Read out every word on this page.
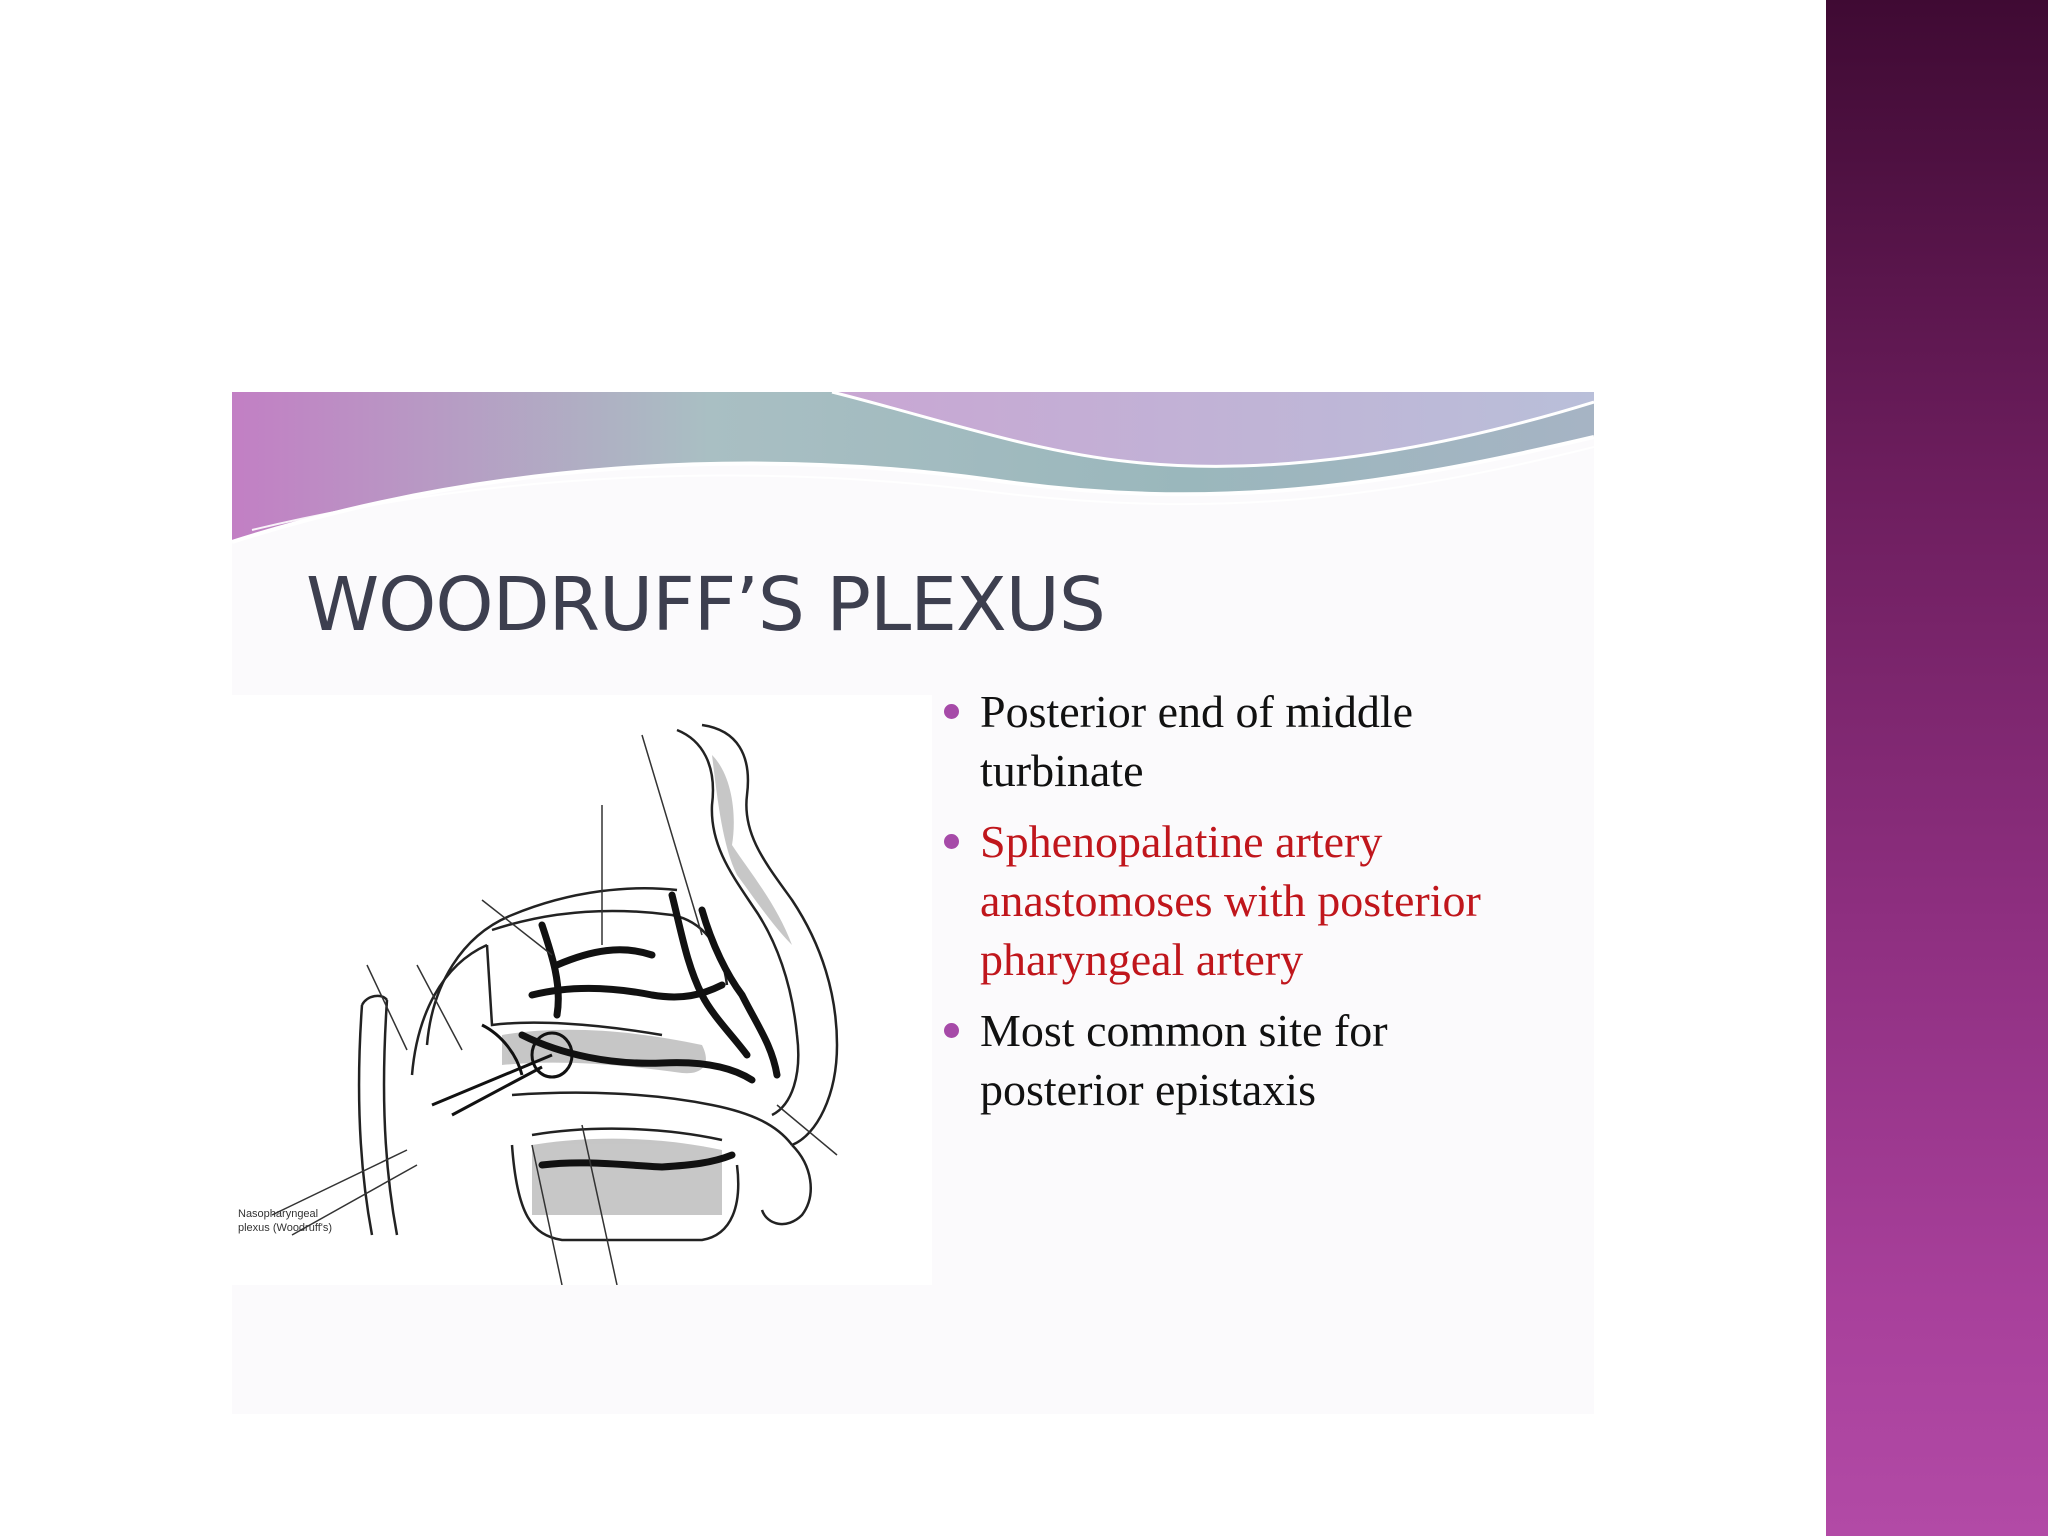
WOODRUFF’S PLEXUS
Nasopharyngeal
plexus (Woodruff's)
Posterior end of middle turbinate
Sphenopalatine artery anastomoses with posterior pharyngeal artery
Most common site for posterior epistaxis
